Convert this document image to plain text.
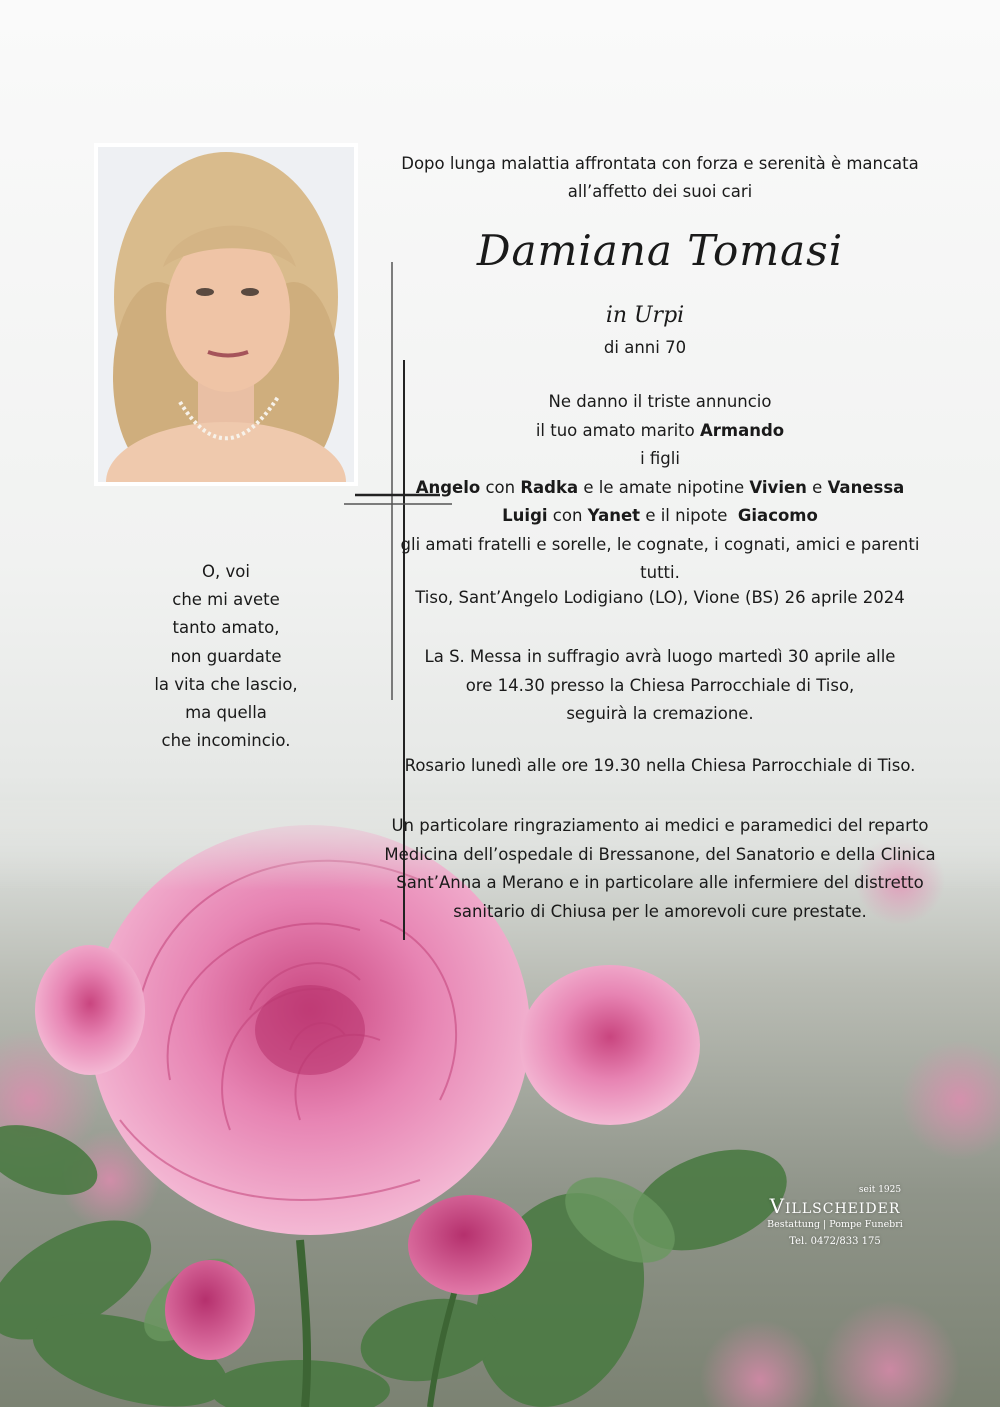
Dopo lunga malattia affrontata con forza e serenità è mancata all’affetto dei suoi cari
Damiana Tomasi
in Urpi
di anni 70
Ne danno il triste annuncio
il tuo amato marito Armando
i figli
Angelo con Radka e le amate nipotine Vivien e Vanessa
Luigi con Yanet e il nipote  Giacomo
gli amati fratelli e sorelle, le cognate, i cognati, amici e parenti tutti.
Tiso, Sant’Angelo Lodigiano (LO), Vione (BS) 26 aprile 2024
La S. Messa in suffragio avrà luogo martedì 30 aprile alle
ore 14.30 presso la Chiesa Parrocchiale di Tiso,
seguirà la cremazione.
Rosario lunedì alle ore 19.30 nella Chiesa Parrocchiale di Tiso.
Un particolare ringraziamento ai medici e paramedici del reparto
Medicina dell’ospedale di Bressanone, del Sanatorio e della Clinica
Sant’Anna a Merano e in particolare alle infermiere del distretto
sanitario di Chiusa per le amorevoli cure prestate.
O, voi
che mi avete
tanto amato,
non guardate
la vita che lascio,
ma quella
che incomincio.
seit 1925
Villscheider
Bestattung | Pompe Funebri
Tel. 0472/833 175
